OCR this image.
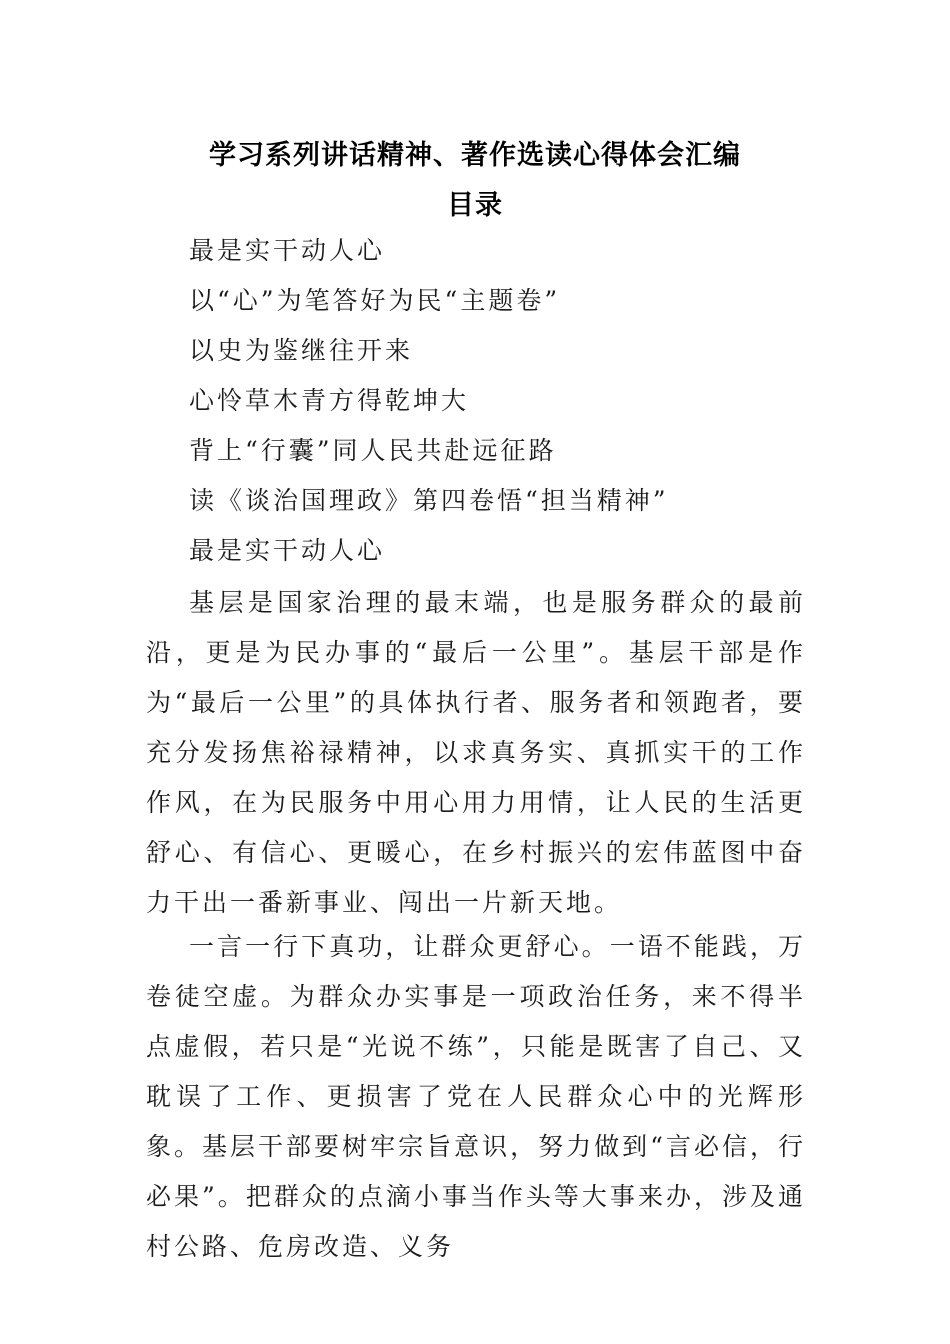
学习系列讲话精神、著作选读心得体会汇编
目录
最是实干动人心
以“心”为笔答好为民“主题卷”
以史为鉴继往开来
心怜草木青方得乾坤大
背上“行囊”同人民共赴远征路
读《谈治国理政》第四卷悟“担当精神”
最是实干动人心

基层是国家治理的最末端，也是服务群众的最前沿，更是为民办事的“最后一公里”。基层干部是作为“最后一公里”的具体执行者、服务者和领跑者，要充分发扬焦裕禄精神，以求真务实、真抓实干的工作作风，在为民服务中用心用力用情，让人民的生活更舒心、有信心、更暖心，在乡村振兴的宏伟蓝图中奋力干出一番新事业、闯出一片新天地。

一言一行下真功，让群众更舒心。一语不能践，万卷徒空虚。为群众办实事是一项政治任务，来不得半点虚假，若只是“光说不练”，只能是既害了自己、又耽误了工作、更损害了党在人民群众心中的光辉形象。基层干部要树牢宗旨意识，努力做到“言必信，行必果”。把群众的点滴小事当作头等大事来办，涉及通村公路、危房改造、义务
